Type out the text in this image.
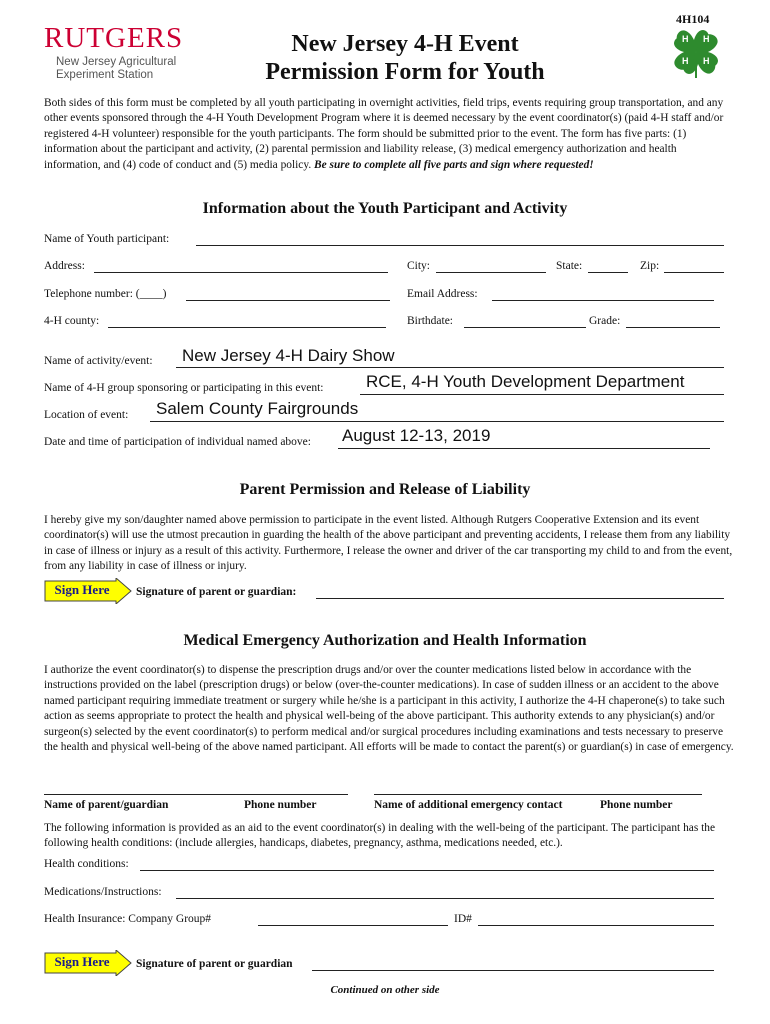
RUTGERS
New Jersey Agricultural
Experiment Station
New Jersey 4-H Event
Permission Form for Youth
4H104
H H
H H
Both sides of this form must be completed by all youth participating in overnight activities, field trips, events requiring group transportation, and any other events sponsored through the 4-H Youth Development Program where it is deemed necessary by the event coordinator(s) (paid 4-H staff and/or registered 4-H volunteer) responsible for the youth participants. The form should be submitted prior to the event. The form has five parts: (1) information about the participant and activity, (2) parental permission and liability release, (3) medical emergency authorization and health information, and (4) code of conduct and (5) media policy. Be sure to complete all five parts and sign where requested!
Information about the Youth Participant and Activity
Name of Youth participant:
Address:	City:	State:	Zip:
Telephone number: (____)	Email Address:
4-H county:	Birthdate:	Grade:
Name of activity/event: New Jersey 4-H Dairy Show
Name of 4-H group sponsoring or participating in this event:	RCE, 4-H Youth Development Department
Location of event: Salem County Fairgrounds
Date and time of participation of individual named above: August 12-13, 2019
Parent Permission and Release of Liability
I hereby give my son/daughter named above permission to participate in the event listed. Although Rutgers Cooperative Extension and its event coordinator(s) will use the utmost precaution in guarding the health of the above participant and preventing accidents, I release them from any liability in case of illness or injury as a result of this activity. Furthermore, I release the owner and driver of the car transporting my child to and from the event, from any liability in case of illness or injury.
Sign Here	Signature of parent or guardian:
Medical Emergency Authorization and Health Information
I authorize the event coordinator(s) to dispense the prescription drugs and/or over the counter medications listed below in accordance with the instructions provided on the label (prescription drugs) or below (over-the-counter medications). In case of sudden illness or an accident to the above named participant requiring immediate treatment or surgery while he/she is a participant in this activity, I authorize the 4-H chaperone(s) to take such action as seems appropriate to protect the health and physical well-being of the above participant. This authority extends to any physician(s) and/or surgeon(s) selected by the event coordinator(s) to perform medical and/or surgical procedures including examinations and tests necessary to preserve the health and physical well-being of the above named participant. All efforts will be made to contact the parent(s) or guardian(s) in case of emergency.
Name of parent/guardian	Phone number	Name of additional emergency contact	Phone number
The following information is provided as an aid to the event coordinator(s) in dealing with the well-being of the participant. The participant has the following health conditions: (include allergies, handicaps, diabetes, pregnancy, asthma, medications needed, etc.).
Health conditions:
Medications/Instructions:
Health Insurance: Company Group#	ID#
Sign Here	Signature of parent or guardian
Continued on other side
